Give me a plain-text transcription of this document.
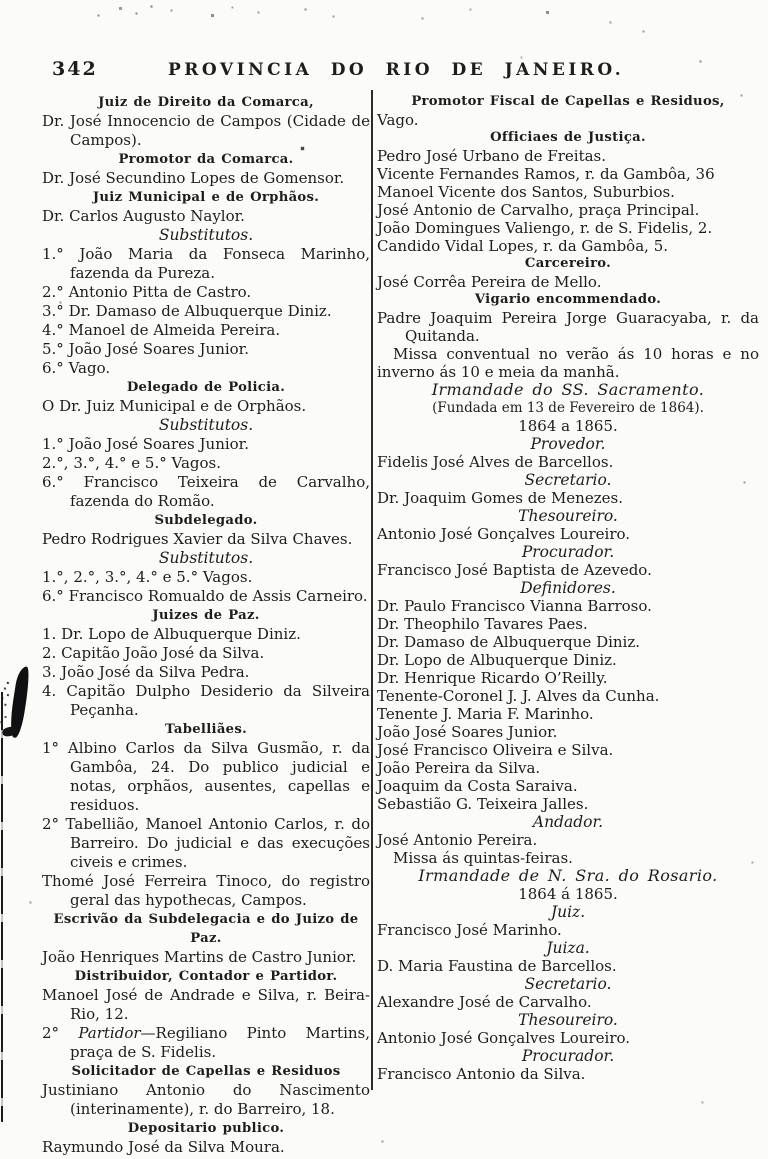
342	PROVINCIA DO RIO DE JANEIRO.
Juiz de Direito da Comarca,
Dr. José Innocencio de Campos (Cidade de Campos).
Promotor da Comarca.
Dr. José Secundino Lopes de Gomensor.
Juiz Municipal e de Orphãos.
Dr. Carlos Augusto Naylor.
Substitutos.
1.° João Maria da Fonseca Marinho, fazenda da Pureza.
2.° Antonio Pitta de Castro.
3.° Dr. Damaso de Albuquerque Diniz.
4.° Manoel de Almeida Pereira.
5.° João José Soares Junior.
6.° Vago.
Delegado de Policia.
O Dr. Juiz Municipal e de Orphãos.
Substitutos.
1.° João José Soares Junior.
2.°, 3.°, 4.° e 5.° Vagos.
6.° Francisco Teixeira de Carvalho, fazenda do Romão.
Subdelegado.
Pedro Rodrigues Xavier da Silva Chaves.
Substitutos.
1.°, 2.°, 3.°, 4.° e 5.° Vagos.
6.° Francisco Romualdo de Assis Carneiro.
Juizes de Paz.
1. Dr. Lopo de Albuquerque Diniz.
2. Capitão João José da Silva.
3. João José da Silva Pedra.
4. Capitão Dulpho Desiderio da Silveira Peçanha.
Tabelliães.
1° Albino Carlos da Silva Gusmão, r. da Gambôa, 24. Do publico judicial e notas, orphãos, ausentes, capellas e residuos.
2° Tabellião, Manoel Antonio Carlos, r. do Barreiro. Do judicial e das execuções civeis e crimes.
Thomé José Ferreira Tinoco, do registro geral das hypothecas, Campos.
Escrivão da Subdelegacia e do Juizo de Paz.
João Henriques Martins de Castro Junior.
Distribuidor, Contador e Partidor.
Manoel José de Andrade e Silva, r. Beira-Rio, 12.
2° Partidor—Regiliano Pinto Martins, praça de S. Fidelis.
Solicitador de Capellas e Residuos
Justiniano Antonio do Nascimento (interinamente), r. do Barreiro, 18.
Depositario publico.
Raymundo José da Silva Moura.
Promotor Fiscal de Capellas e Residuos,
Vago.
Officiaes de Justiça.
Pedro José Urbano de Freitas.
Vicente Fernandes Ramos, r. da Gambôa, 36
Manoel Vicente dos Santos, Suburbios.
José Antonio de Carvalho, praça Principal.
João Domingues Valiengo, r. de S. Fidelis, 2.
Candido Vidal Lopes, r. da Gambôa, 5.
Carcereiro.
José Corrêa Pereira de Mello.
Vigario encommendado.
Padre Joaquim Pereira Jorge Guaracyaba, r. da Quitanda.
Missa conventual no verão ás 10 horas e no inverno ás 10 e meia da manhã.
Irmandade do SS. Sacramento.
(Fundada em 13 de Fevereiro de 1864).
1864 a 1865.
Provedor.
Fidelis José Alves de Barcellos.
Secretario.
Dr. Joaquim Gomes de Menezes.
Thesoureiro.
Antonio José Gonçalves Loureiro.
Procurador.
Francisco José Baptista de Azevedo.
Definidores.
Dr. Paulo Francisco Vianna Barroso.
Dr. Theophilo Tavares Paes.
Dr. Damaso de Albuquerque Diniz.
Dr. Lopo de Albuquerque Diniz.
Dr. Henrique Ricardo O’Reilly.
Tenente-Coronel J. J. Alves da Cunha.
Tenente J. Maria F. Marinho.
João José Soares Junior.
José Francisco Oliveira e Silva.
João Pereira da Silva.
Joaquim da Costa Saraiva.
Sebastião G. Teixeira Jalles.
Andador.
José Antonio Pereira.
Missa ás quintas-feiras.
Irmandade de N. Sra. do Rosario.
1864 á 1865.
Juiz.
Francisco José Marinho.
Juiza.
D. Maria Faustina de Barcellos.
Secretario.
Alexandre José de Carvalho.
Thesoureiro.
Antonio José Gonçalves Loureiro.
Procurador.
Francisco Antonio da Silva.
